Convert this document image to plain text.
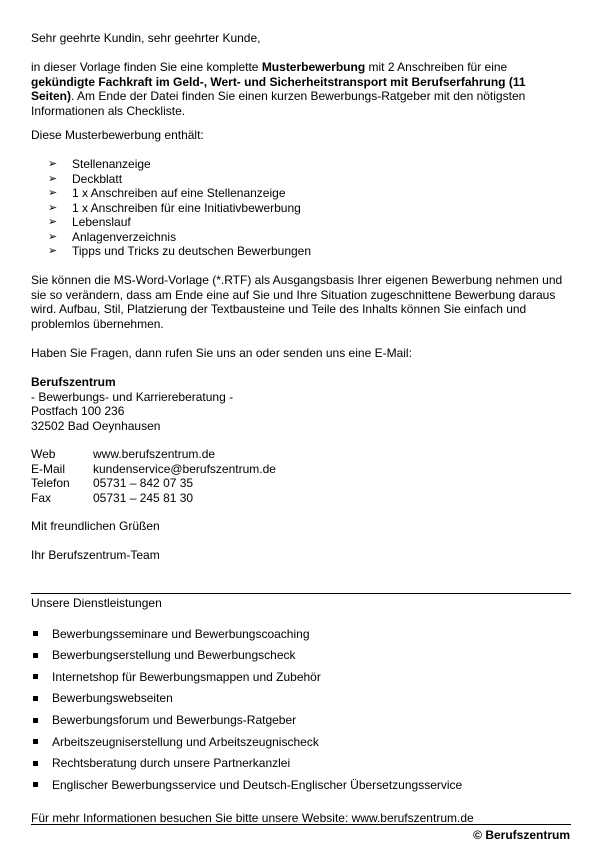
Sehr geehrte Kundin, sehr geehrter Kunde,

in dieser Vorlage finden Sie eine komplette Musterbewerbung mit 2 Anschreiben für eine gekündigte Fachkraft im Geld-, Wert- und Sicherheitstransport mit Berufserfahrung (11 Seiten). Am Ende der Datei finden Sie einen kurzen Bewerbungs-Ratgeber mit den nötigsten Informationen als Checkliste.

Diese Musterbewerbung enthält:

➢	Stellenanzeige
➢	Deckblatt
➢	1 x Anschreiben auf eine Stellenanzeige
➢	1 x Anschreiben für eine Initiativbewerbung
➢	Lebenslauf
➢	Anlagenverzeichnis
➢	Tipps und Tricks zu deutschen Bewerbungen

Sie können die MS-Word-Vorlage (*.RTF) als Ausgangsbasis Ihrer eigenen Bewerbung nehmen und sie so verändern, dass am Ende eine auf Sie und Ihre Situation zugeschnittene Bewerbung daraus wird. Aufbau, Stil, Platzierung der Textbausteine und Teile des Inhalts können Sie einfach und problemlos übernehmen.

Haben Sie Fragen, dann rufen Sie uns an oder senden uns eine E-Mail:

Berufszentrum
- Bewerbungs- und Karriereberatung -
Postfach 100 236
32502 Bad Oeynhausen
Web	www.berufszentrum.de
E-Mail	kundenservice@berufszentrum.de
Telefon	05731 – 842 07 35
Fax	05731 – 245 81 30

Mit freundlichen Grüßen

Ihr Berufszentrum-Team

Unsere Dienstleistungen

Bewerbungsseminare und Bewerbungscoaching
Bewerbungserstellung und Bewerbungscheck
Internetshop für Bewerbungsmappen und Zubehör
Bewerbungswebseiten
Bewerbungsforum und Bewerbungs-Ratgeber
Arbeitszeugniserstellung und Arbeitszeugnischeck
Rechtsberatung durch unsere Partnerkanzlei
Englischer Bewerbungsservice und Deutsch-Englischer Übersetzungsservice

Für mehr Informationen besuchen Sie bitte unsere Website: www.berufszentrum.de

© Berufszentrum
